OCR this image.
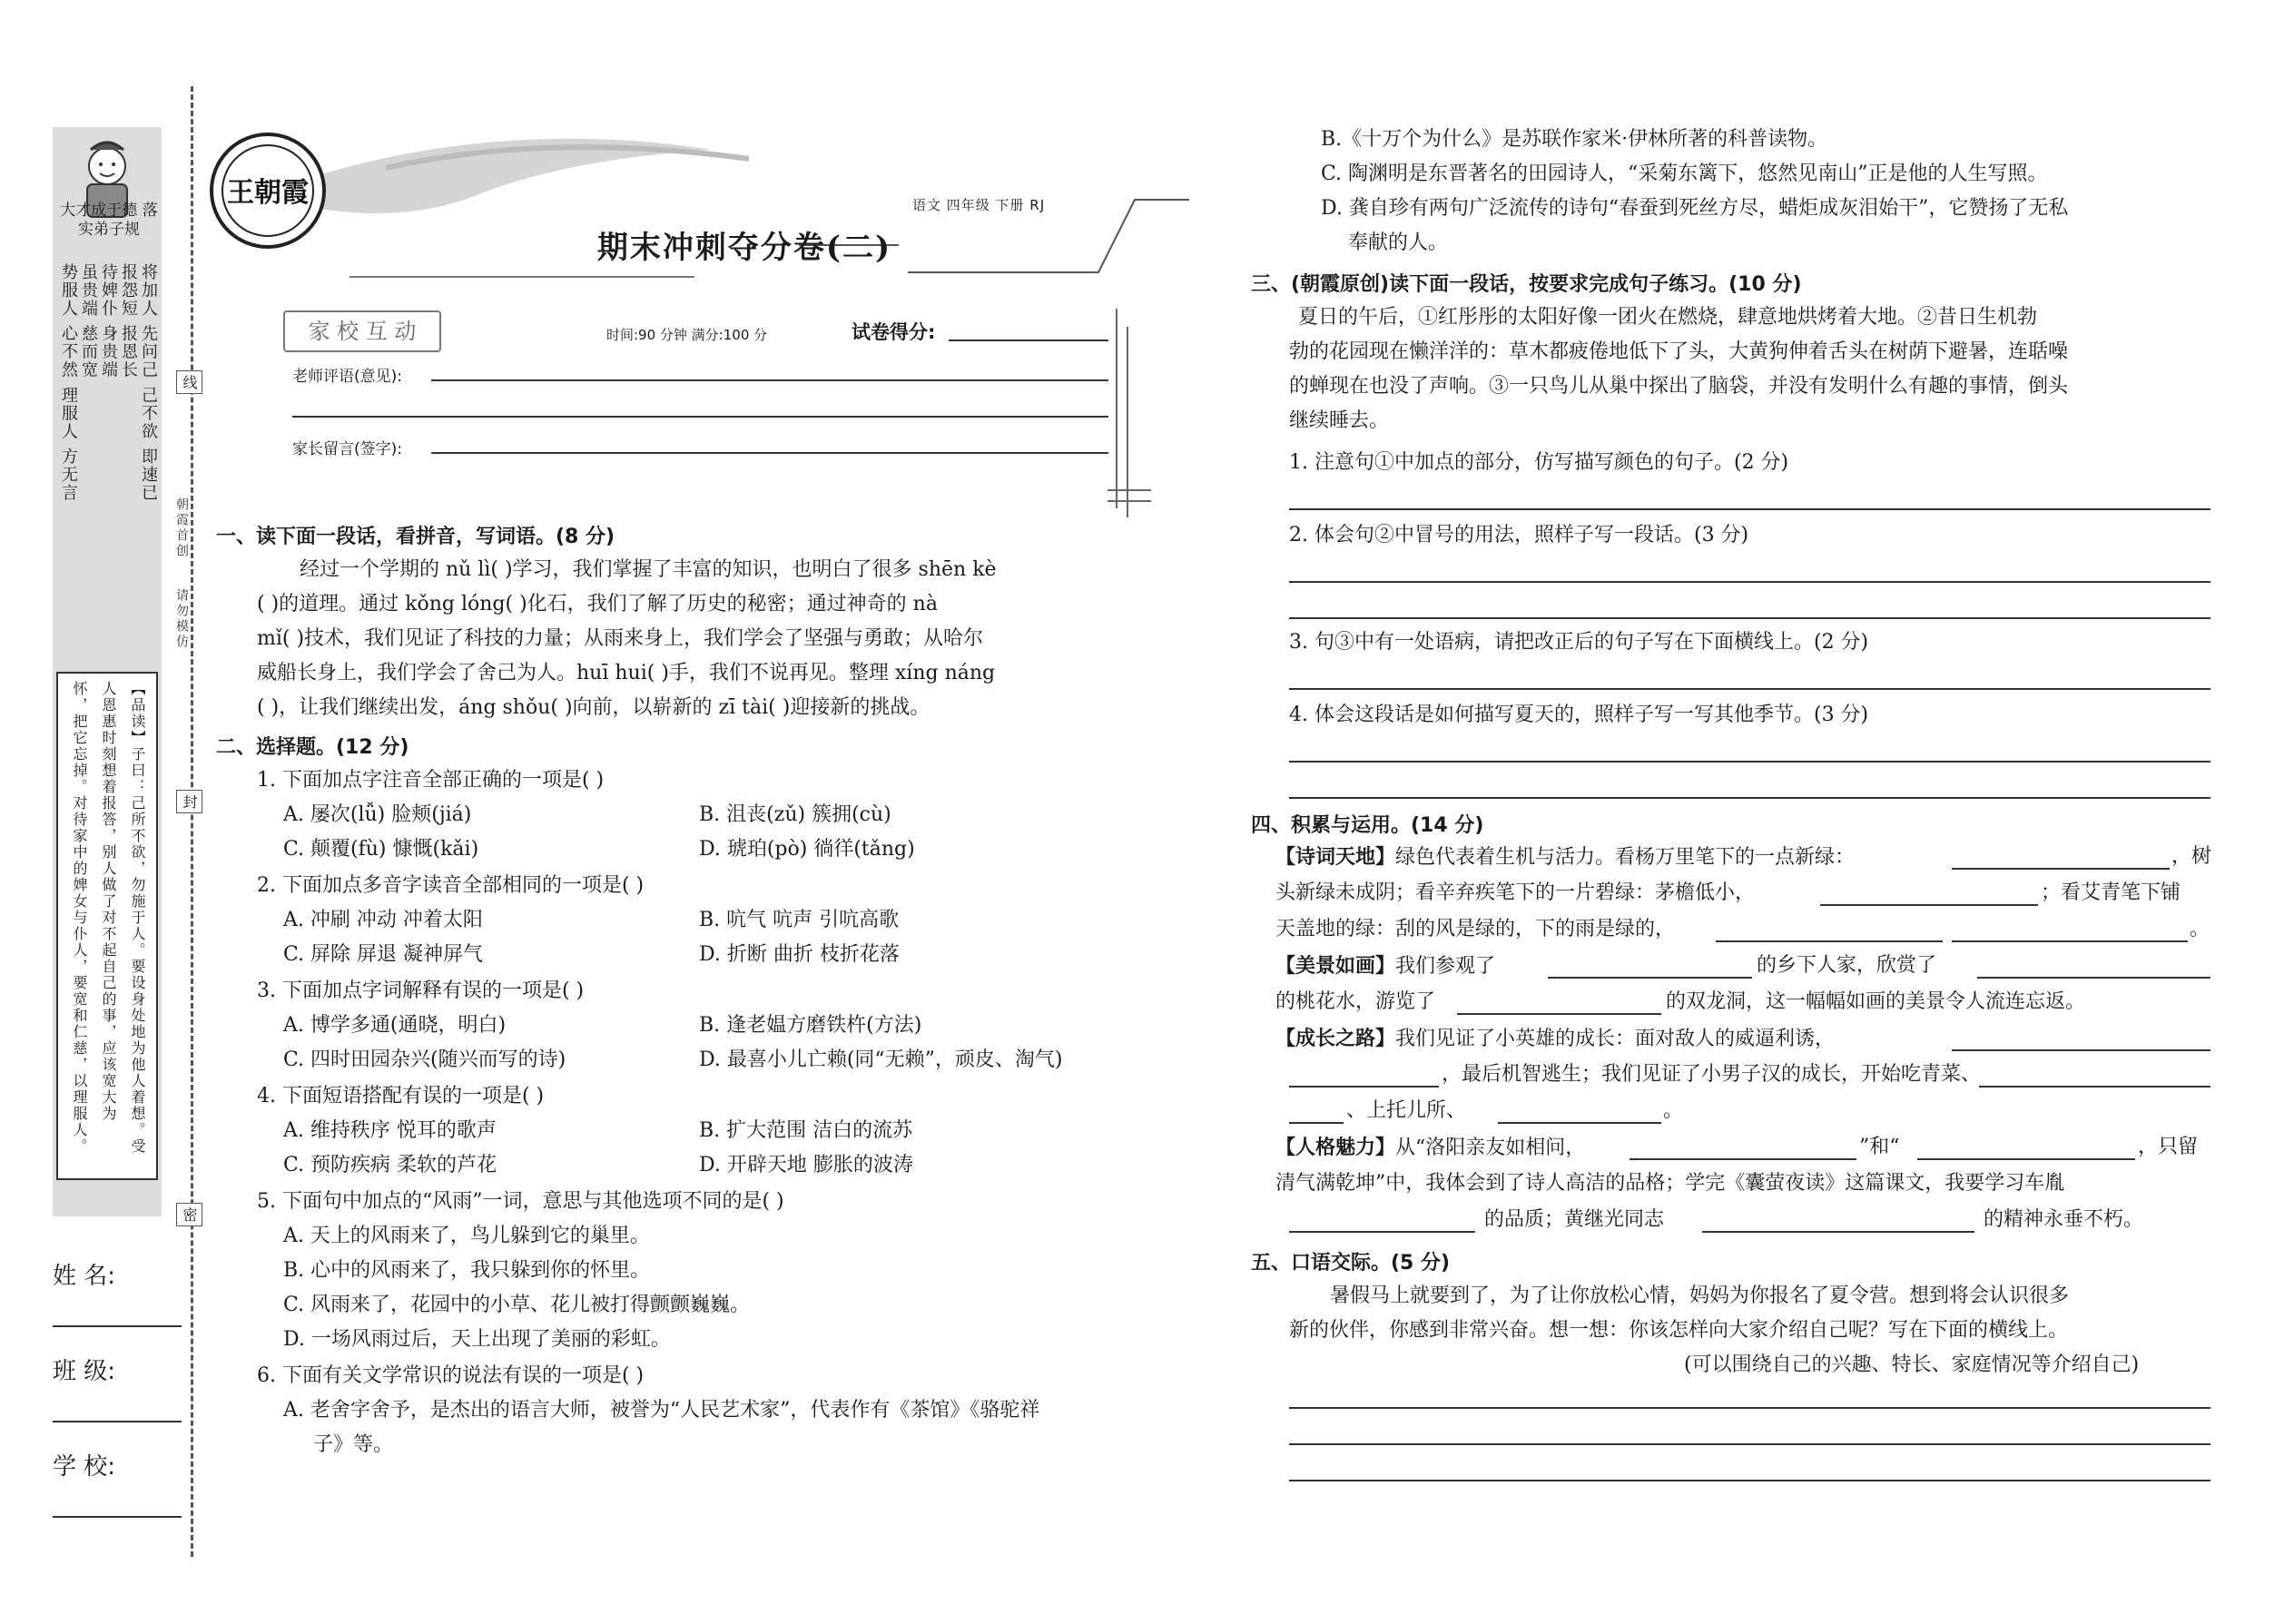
大才成于德 落实弟子规
将加人 先问己 己不欲 即速已
报怨短 报恩长
待婢仆 身贵端
虽贵端 慈而宽
势服人 心不然 理服人 方无言
【品读】子曰：己所不欲，勿施于人。要设身处地为他人着想。受
人恩惠时刻想着报答，别人做了对不起自己的事，应该宽大为
怀，把它忘掉。对待家中的婢女与仆人，要宽和仁慈，以理服人。
姓 名:
班 级:
学 校:
线
封
密
朝霞首创
请勿模仿
王朝霞	语文 四年级 下册 RJ
期末冲刺夺分卷(二)
家 校 互 动	时间:90 分钟 满分:100 分	试卷得分:
老师评语(意见):
家长留言(签字):
一、读下面一段话，看拼音，写词语。(8 分)
经过一个学期的 nǔ lì( )学习，我们掌握了丰富的知识，也明白了很多 shēn kè
( )的道理。通过 kǒng lóng( )化石，我们了解了历史的秘密；通过神奇的 nà
mǐ( )技术，我们见证了科技的力量；从雨来身上，我们学会了坚强与勇敢；从哈尔
威船长身上，我们学会了舍己为人。huī hui( )手，我们不说再见。整理 xíng náng
( )，让我们继续出发，áng shǒu( )向前，以崭新的 zī tài( )迎接新的挑战。
二、选择题。(12 分)
1. 下面加点字注音全部正确的一项是( )
A. 屡次(lǚ) 脸颊(jiá)	B. 沮丧(zǔ) 簇拥(cù)
C. 颠覆(fù) 慷慨(kǎi)	D. 琥珀(pò) 徜徉(tǎng)
2. 下面加点多音字读音全部相同的一项是( )
A. 冲刷 冲动 冲着太阳	B. 吭气 吭声 引吭高歌
C. 屏除 屏退 凝神屏气	D. 折断 曲折 枝折花落
3. 下面加点字词解释有误的一项是( )
A. 博学多通(通晓，明白)	B. 逢老媪方磨铁杵(方法)
C. 四时田园杂兴(随兴而写的诗)	D. 最喜小儿亡赖(同“无赖”，顽皮、淘气)
4. 下面短语搭配有误的一项是( )
A. 维持秩序 悦耳的歌声	B. 扩大范围 洁白的流苏
C. 预防疾病 柔软的芦花	D. 开辟天地 膨胀的波涛
5. 下面句中加点的“风雨”一词，意思与其他选项不同的是( )
A. 天上的风雨来了，鸟儿躲到它的巢里。
B. 心中的风雨来了，我只躲到你的怀里。
C. 风雨来了，花园中的小草、花儿被打得颤颤巍巍。
D. 一场风雨过后，天上出现了美丽的彩虹。
6. 下面有关文学常识的说法有误的一项是( )
A. 老舍字舍予，是杰出的语言大师，被誉为“人民艺术家”，代表作有《茶馆》《骆驼祥
子》等。
B.《十万个为什么》是苏联作家米·伊林所著的科普读物。
C. 陶渊明是东晋著名的田园诗人，“采菊东篱下，悠然见南山”正是他的人生写照。
D. 龚自珍有两句广泛流传的诗句“春蚕到死丝方尽，蜡炬成灰泪始干”，它赞扬了无私
奉献的人。
三、(朝霞原创)读下面一段话，按要求完成句子练习。(10 分)
夏日的午后，①红彤彤的太阳好像一团火在燃烧，肆意地烘烤着大地。②昔日生机勃
勃的花园现在懒洋洋的：草木都疲倦地低下了头，大黄狗伸着舌头在树荫下避暑，连聒噪
的蝉现在也没了声响。③一只鸟儿从巢中探出了脑袋，并没有发明什么有趣的事情，倒头
继续睡去。
1. 注意句①中加点的部分，仿写描写颜色的句子。(2 分)
2. 体会句②中冒号的用法，照样子写一段话。(3 分)
3. 句③中有一处语病，请把改正后的句子写在下面横线上。(2 分)
4. 体会这段话是如何描写夏天的，照样子写一写其他季节。(3 分)
四、积累与运用。(14 分)
【诗词天地】绿色代表着生机与活力。看杨万里笔下的一点新绿：	，树
头新绿未成阴；看辛弃疾笔下的一片碧绿：茅檐低小，	；看艾青笔下铺
天盖地的绿：刮的风是绿的，下的雨是绿的，	。
【美景如画】我们参观了	的乡下人家，欣赏了
的桃花水，游览了	的双龙洞，这一幅幅如画的美景令人流连忘返。
【成长之路】我们见证了小英雄的成长：面对敌人的威逼利诱，
，最后机智逃生；我们见证了小男子汉的成长，开始吃青菜、
、上托儿所、	。
【人格魅力】从“洛阳亲友如相问，	”和“	，只留
清气满乾坤”中，我体会到了诗人高洁的品格；学完《囊萤夜读》这篇课文，我要学习车胤
的品质；黄继光同志	的精神永垂不朽。
五、口语交际。(5 分)
暑假马上就要到了，为了让你放松心情，妈妈为你报名了夏令营。想到将会认识很多
新的伙伴，你感到非常兴奋。想一想：你该怎样向大家介绍自己呢？写在下面的横线上。
(可以围绕自己的兴趣、特长、家庭情况等介绍自己)
